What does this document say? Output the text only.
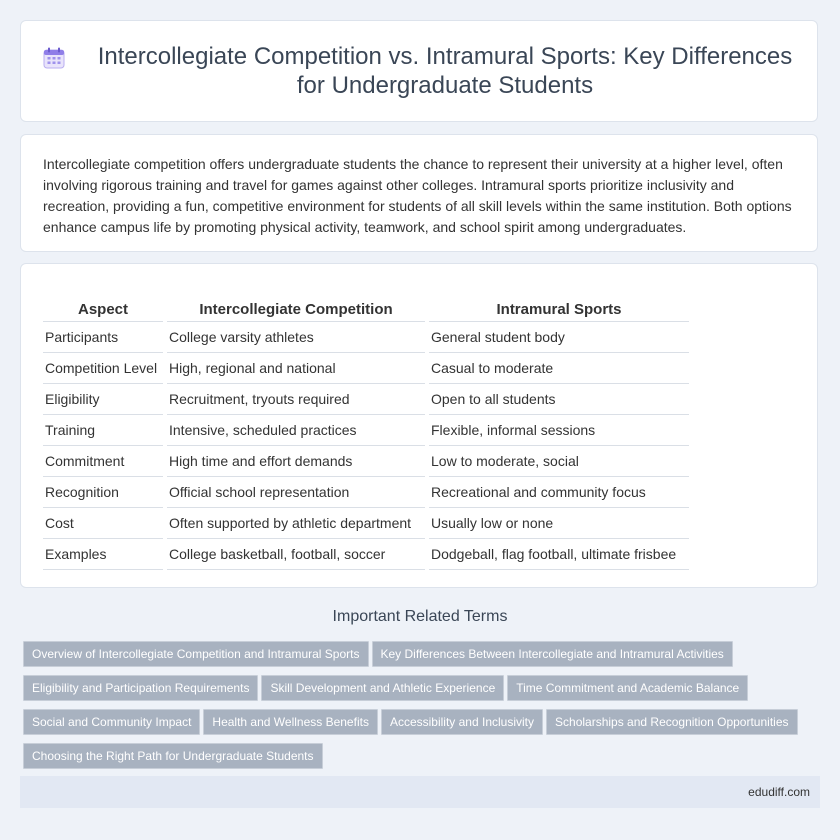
Intercollegiate Competition vs. Intramural Sports: Key Differences for Undergraduate Students

Intercollegiate competition offers undergraduate students the chance to represent their university at a higher level, often involving rigorous training and travel for games against other colleges. Intramural sports prioritize inclusivity and recreation, providing a fun, competitive environment for students of all skill levels within the same institution. Both options enhance campus life by promoting physical activity, teamwork, and school spirit among undergraduates.

Aspect	Intercollegiate Competition	Intramural Sports
Participants	College varsity athletes	General student body
Competition Level	High, regional and national	Casual to moderate
Eligibility	Recruitment, tryouts required	Open to all students
Training	Intensive, scheduled practices	Flexible, informal sessions
Commitment	High time and effort demands	Low to moderate, social
Recognition	Official school representation	Recreational and community focus
Cost	Often supported by athletic department	Usually low or none
Examples	College basketball, football, soccer	Dodgeball, flag football, ultimate frisbee
Important Related Terms
Overview of Intercollegiate Competition and Intramural Sports Key Differences Between Intercollegiate and Intramural ActivitiesEligibility and Participation Requirements Skill Development and Athletic Experience Time Commitment and Academic BalanceSocial and Community Impact Health and Wellness Benefits Accessibility and Inclusivity Scholarships and Recognition OpportunitiesChoosing the Right Path for Undergraduate Students
edudiff.com
